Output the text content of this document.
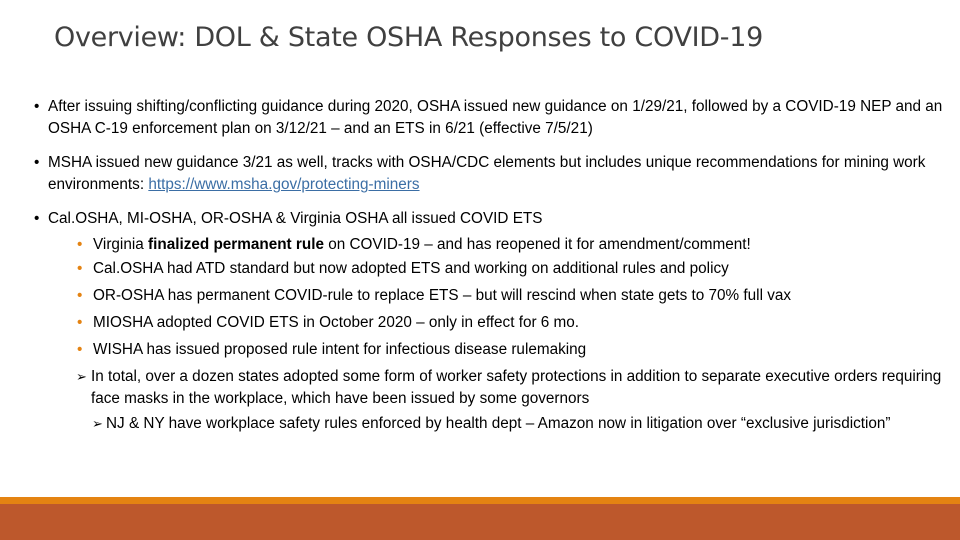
Overview: DOL & State OSHA Responses to COVID-19

• After issuing shifting/conflicting guidance during 2020, OSHA issued new guidance on 1/29/21, followed by a COVID-19 NEP and an OSHA C-19 enforcement plan on 3/12/21 – and an ETS in 6/21 (effective 7/5/21)

• MSHA issued new guidance 3/21 as well, tracks with OSHA/CDC elements but includes unique recommendations for mining work environments: https://www.msha.gov/protecting-miners

• Cal.OSHA, MI-OSHA, OR-OSHA & Virginia OSHA all issued COVID ETS

• Virginia finalized permanent rule on COVID-19 – and has reopened it for amendment/comment!

• Cal.OSHA had ATD standard but now adopted ETS and working on additional rules and policy

• OR-OSHA has permanent COVID-rule to replace ETS – but will rescind when state gets to 70% full vax

• MIOSHA adopted COVID ETS in October 2020 – only in effect for 6 mo.

• WISHA has issued proposed rule intent for infectious disease rulemaking

➢ In total, over a dozen states adopted some form of worker safety protections in addition to separate executive orders requiring face masks in the workplace, which have been issued by some governors

➢ NJ & NY have workplace safety rules enforced by health dept – Amazon now in litigation over “exclusive jurisdiction”
